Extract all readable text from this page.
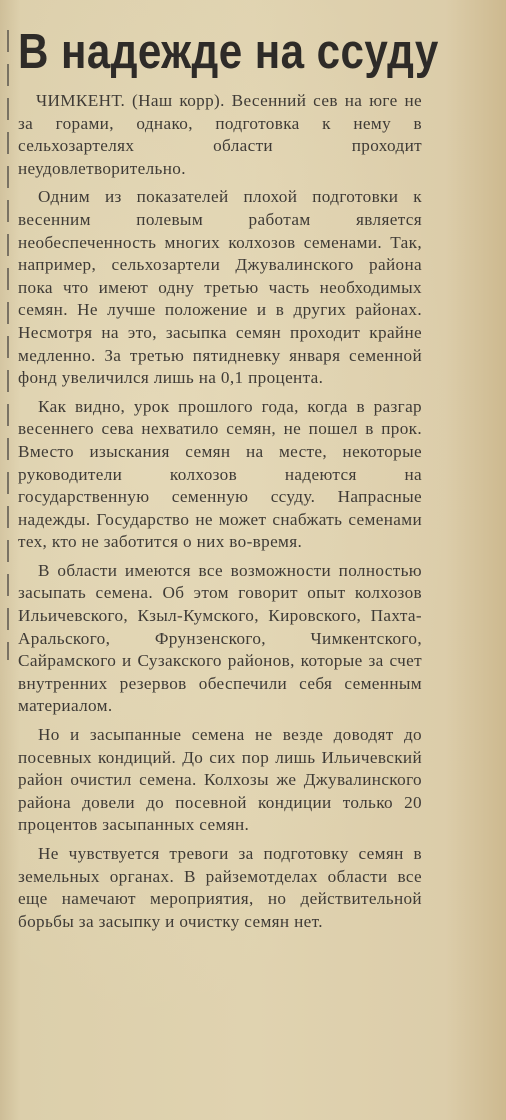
В надежде на ссуду

ЧИМКЕНТ. (Наш корр). Весенний сев на юге не за горами, однако, подготовка к нему в сельхозартелях области проходит неудовлетворительно.

Одним из показателей плохой подготовки к весенним полевым работам является необеспеченность многих колхозов семенами. Так, например, сельхозартели Джувалинского района пока что имеют одну третью часть необходимых семян. Не лучше положение и в других районах. Несмотря на это, засыпка семян проходит крайне медленно. За третью пятидневку января семенной фонд увеличился лишь на 0,1 процента.

Как видно, урок прошлого года, когда в разгар весеннего сева нехватило семян, не пошел в прок. Вместо изыскания семян на месте, некоторые руководители колхозов надеются на государственную семенную ссуду. Напрасные надежды. Государство не может снабжать семенами тех, кто не заботится о них во-время.

В области имеются все возможности полностью засыпать семена. Об этом говорит опыт колхозов Ильичевского, Кзыл-Кумского, Кировского, Пахта-Аральского, Фрунзенского, Чимкентского, Сайрамского и Сузакского районов, которые за счет внутренних резервов обеспечили себя семенным материалом.

Но и засыпанные семена не везде доводят до посевных кондиций. До сих пор лишь Ильичевский район очистил семена. Колхозы же Джувалинского района довели до посевной кондиции только 20 процентов засыпанных семян.

Не чувствуется тревоги за подготовку семян в земельных органах. В райземотделах области все еще намечают мероприятия, но действительной борьбы за засыпку и очистку семян нет.
